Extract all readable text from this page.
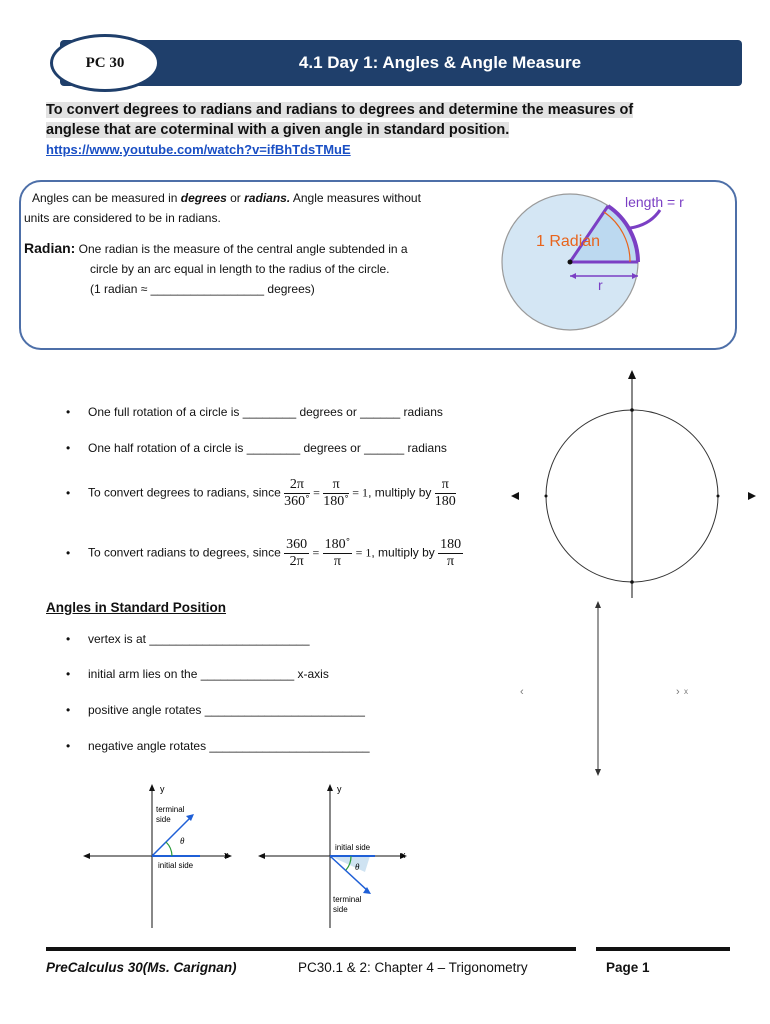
4.1 Day 1: Angles & Angle Measure
PC 30
To convert degrees to radians and radians to degrees and determine the measures of
anglese that are coterminal with a given angle in standard position.
https://www.youtube.com/watch?v=ifBhTdsTMuE
Angles can be measured in degrees or radians. Angle measures without
units are considered to be in radians.
Radian: One radian is the measure of the central angle subtended in a
circle by an arc equal in length to the radius of the circle.
(1 radian ≈ _________________ degrees)
length = r
1 Radian
r
• One full rotation of a circle is ________ degrees or ______ radians
• One half rotation of a circle is ________ degrees or ______ radians
• To convert degrees to radians, since $\frac{2\pi}{360˚} = \frac{\pi}{180˚} = 1$, multiply by $\frac{\pi}{180}$
• To convert radians to degrees, since $\frac{360}{2\pi} = \frac{180˚}{\pi} = 1$, multiply by $\frac{180}{\pi}$
Angles in Standard Position
• vertex is at ________________________
• initial arm lies on the ______________ x-axis
• positive angle rotates ________________________
• negative angle rotates ________________________
‹	› x
y
x
terminal
side
θ
initial side
y
x
initial side
θ
terminal
side
PreCalculus 30(Ms. Carignan)	PC30.1 & 2: Chapter 4 – Trigonometry	Page 1
